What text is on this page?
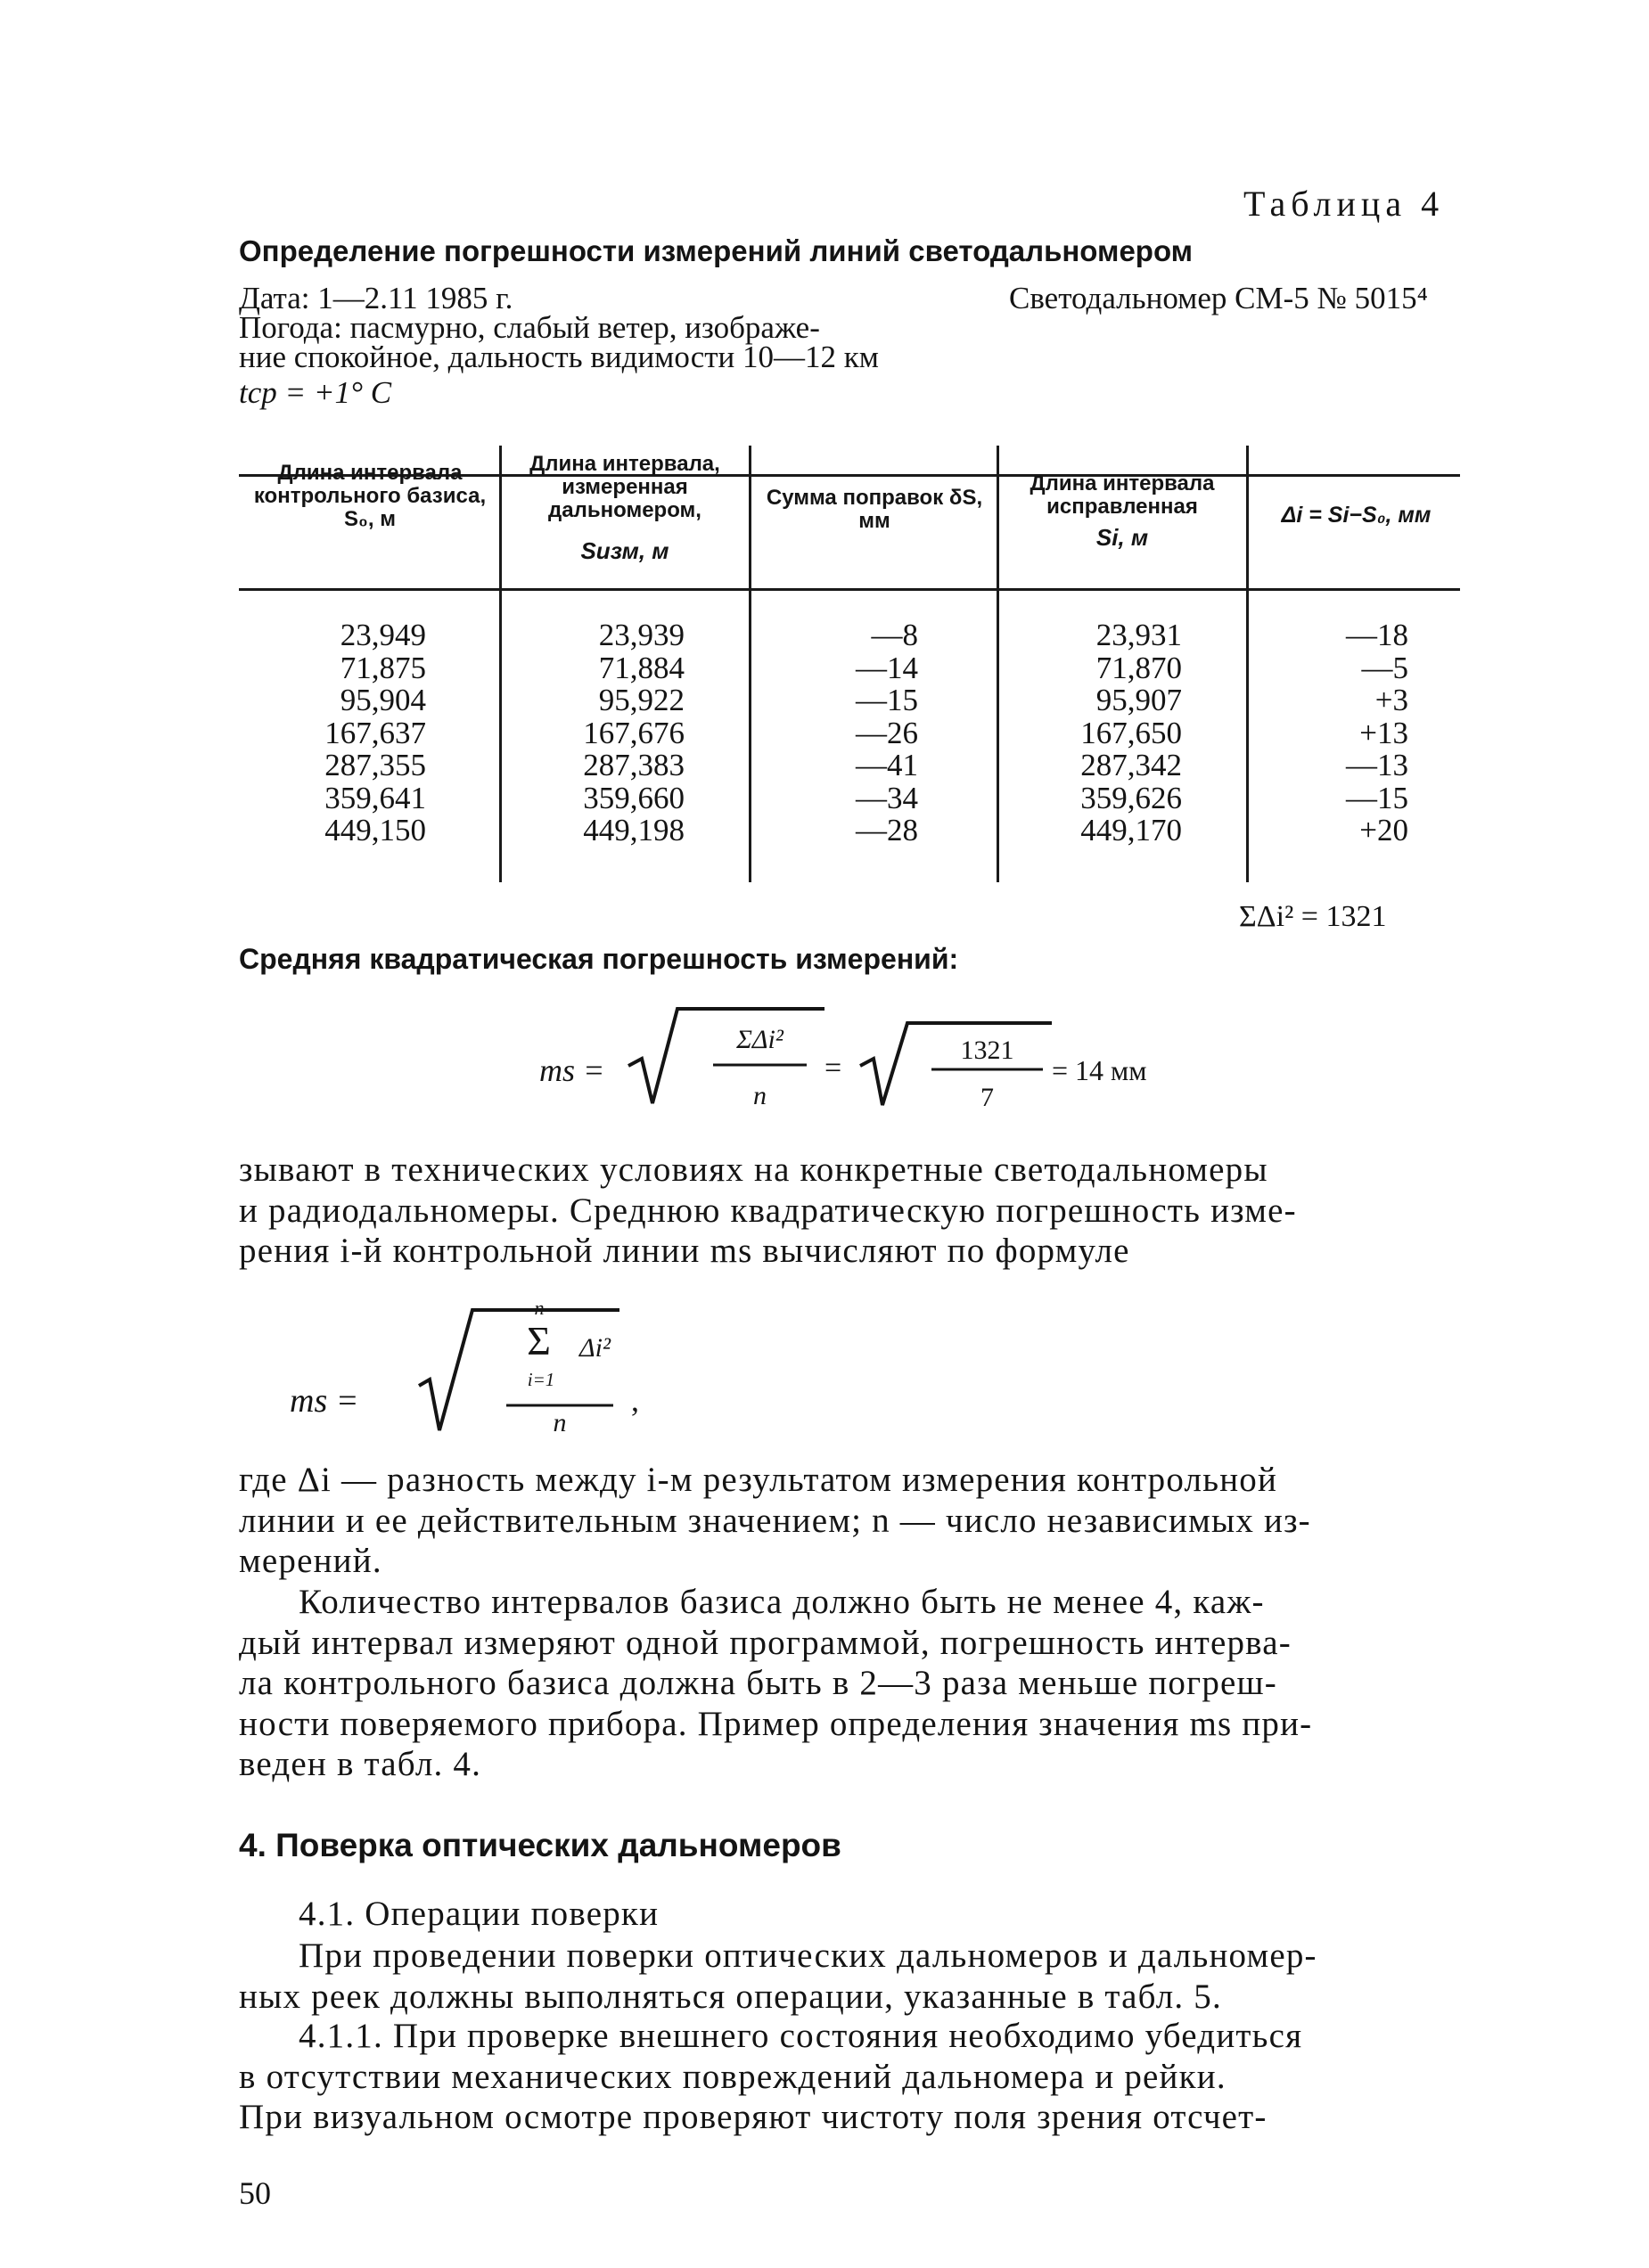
Таблица 4
Определение погрешности измерений линий светодальномером
Дата: 1—2.11 1985 г.	Светодальномер СМ-5 № 5015⁴
Погода: пасмурно, слабый ветер, изображе-
ние спокойное, дальность видимости 10—12 км
tср = +1° С
Длина интервала контрольного базиса, S₀, м
Длина интервала, измеренная дальномером,
Sизм, м
Сумма поправок δS, мм
Длина интервала исправленная
Si, м
Δi = Si−S₀, мм
23,949
71,875
95,904
167,637
287,355
359,641
449,150
23,939
71,884
95,922
167,676
287,383
359,660
449,198
—8
—14
—15
—26
—41
—34
—28
23,931
71,870
95,907
167,650
287,342
359,626
449,170
—18
—5
+3
+13
—13
—15
+20
ΣΔi² = 1321
Средняя квадратическая погрешность измерений:
ms =
ΣΔi²
n
=
1321
7
= 14 мм
зывают в технических условиях на конкретные светодальномеры
и радиодальномеры. Среднюю квадратическую погрешность изме-
рения i-й контрольной линии ms вычисляют по формуле
ms =
n
Σ
i=1
Δi²
n
,
где Δi — разность между i-м результатом измерения контрольной
линии и ее действительным значением; n — число независимых из-
мерений.
Количество интервалов базиса должно быть не менее 4, каж-
дый интервал измеряют одной программой, погрешность интерва-
ла контрольного базиса должна быть в 2—3 раза меньше погреш-
ности поверяемого прибора. Пример определения значения ms при-
веден в табл. 4.
4. Поверка оптических дальномеров
4.1. Операции поверки
При проведении поверки оптических дальномеров и дальномер-
ных реек должны выполняться операции, указанные в табл. 5.
4.1.1. При проверке внешнего состояния необходимо убедиться
в отсутствии механических повреждений дальномера и рейки.
При визуальном осмотре проверяют чистоту поля зрения отсчет-
50
